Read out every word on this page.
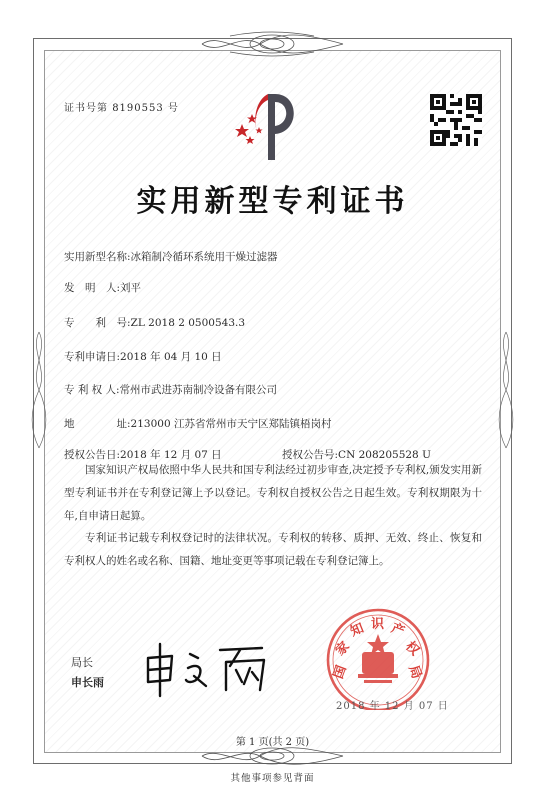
证书号第 8190553 号
实用新型专利证书
实用新型名称:冰箱制冷循环系统用干燥过滤器
发　明　人:刘平
专　　利　号:ZL 2018 2 0500543.3
专利申请日:2018 年 04 月 10 日
专 利 权 人:常州市武进苏南制冷设备有限公司
地　　　　址:213000 江苏省常州市天宁区郑陆镇梧岗村
授权公告日:2018 年 12 月 07 日	授权公告号:CN 208205528 U
国家知识产权局依照中华人民共和国专利法经过初步审查,决定授予专利权,颁发实用新型专利证书并在专利登记簿上予以登记。专利权自授权公告之日起生效。专利权期限为十年,自申请日起算。
专利证书记载专利权登记时的法律状况。专利权的转移、质押、无效、终止、恢复和专利权人的姓名或名称、国籍、地址变更等事项记载在专利登记簿上。
局长
申长雨
国
家
知 识 产
权
局
2018 年 12 月 07 日
第 1 页(共 2 页)
其他事项参见背面
